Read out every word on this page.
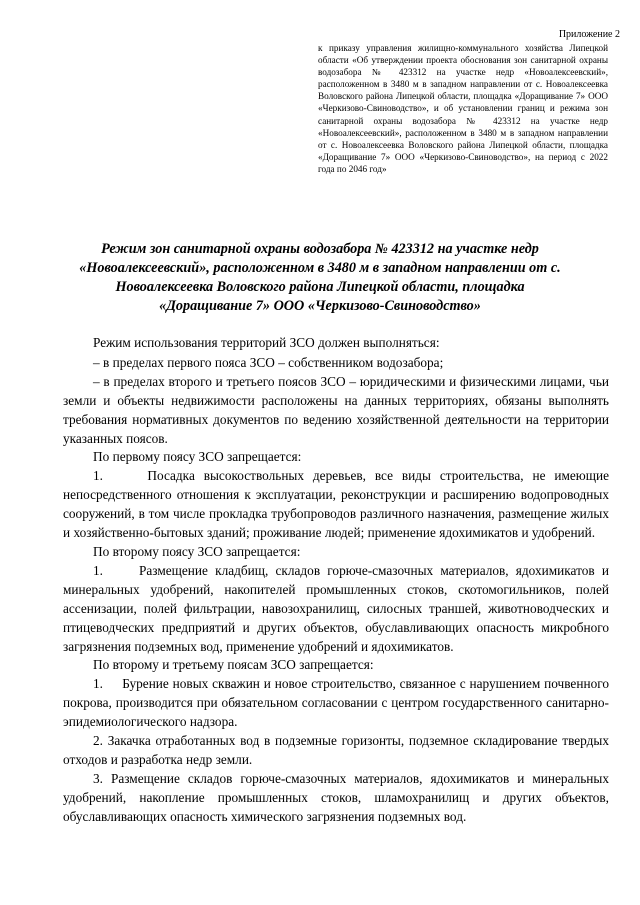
Приложение 2
к приказу управления жилищно-коммунального хозяйства Липецкой области «Об утверждении проекта обоснования зон санитарной охраны водозабора № 423312 на участке недр «Новоалексеевский», расположенном в 3480 м в западном направлении от с. Новоалексеевка Воловского района Липецкой области, площадка «Доращивание 7» ООО «Черкизово-Свиноводство», и об установлении границ и режима зон санитарной охраны водозабора № 423312 на участке недр «Новоалексеевский», расположенном в 3480 м в западном направлении от с. Новоалексеевка Воловского района Липецкой области, площадка «Доращивание 7» ООО «Черкизово-Свиноводство», на период с 2022 года по 2046 год»
Режим зон санитарной охраны водозабора № 423312 на участке недр «Новоалексеевский», расположенном в 3480 м в западном направлении от с. Новоалексеевка Воловского района Липецкой области, площадка «Доращивание 7» ООО «Черкизово-Свиноводство»

Режим использования территорий ЗСО должен выполняться:

– в пределах первого пояса ЗСО – собственником водозабора;

– в пределах второго и третьего поясов ЗСО – юридическими и физическими лицами, чьи земли и объекты недвижимости расположены на данных территориях, обязаны выполнять требования нормативных документов по ведению хозяйственной деятельности на территории указанных поясов.

По первому поясу ЗСО запрещается:

1.     Посадка высокоствольных деревьев, все виды строительства, не имеющие непосредственного отношения к эксплуатации, реконструкции и расширению водопроводных сооружений, в том числе прокладка трубопроводов различного назначения, размещение жилых и хозяйственно-бытовых зданий; проживание людей; применение ядохимикатов и удобрений.

По второму поясу ЗСО запрещается:

1.     Размещение кладбищ, складов горюче-смазочных материалов, ядохимикатов и минеральных удобрений, накопителей промышленных стоков, скотомогильников, полей ассенизации, полей фильтрации, навозохранилищ, силосных траншей, животноводческих и птицеводческих предприятий и других объектов, обуславливающих опасность микробного загрязнения подземных вод, применение удобрений и ядохимикатов.

По второму и третьему поясам ЗСО запрещается:

1.     Бурение новых скважин и новое строительство, связанное с нарушением почвенного покрова, производится при обязательном согласовании с центром государственного санитарно-эпидемиологического надзора.

2. Закачка отработанных вод в подземные горизонты, подземное складирование твердых отходов и разработка недр земли.

3. Размещение складов горюче-смазочных материалов, ядохимикатов и минеральных удобрений, накопление промышленных стоков, шламохранилищ и других объектов, обуславливающих опасность химического загрязнения подземных вод.
